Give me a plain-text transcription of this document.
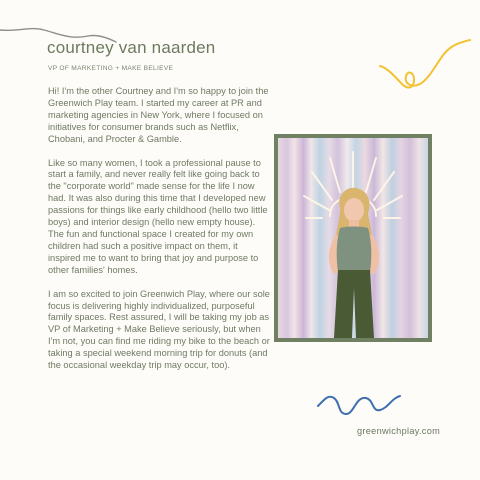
courtney van naarden
VP OF MARKETING + MAKE BELIEVE

Hi! I'm the other Courtney and I'm so happy to join the Greenwich Play team. I started my career at PR and marketing agencies in New York, where I focused on initiatives for consumer brands such as Netflix, Chobani, and Procter & Gamble.

Like so many women, I took a professional pause to start a family, and never really felt like going back to the "corporate world" made sense for the life I now had. It was also during this time that I developed new passions for things like early childhood (hello two little boys) and interior design (hello new empty house). The fun and functional space I created for my own children had such a positive impact on them, it inspired me to want to bring that joy and purpose to other families' homes.

I am so excited to join Greenwich Play, where our sole focus is delivering highly individualized, purposeful family spaces. Rest assured, I will be taking my job as VP of Marketing + Make Believe seriously, but when I'm not, you can find me riding my bike to the beach or taking a special weekend morning trip for donuts (and the occasional weekday trip may occur, too).

greenwichplay.com
